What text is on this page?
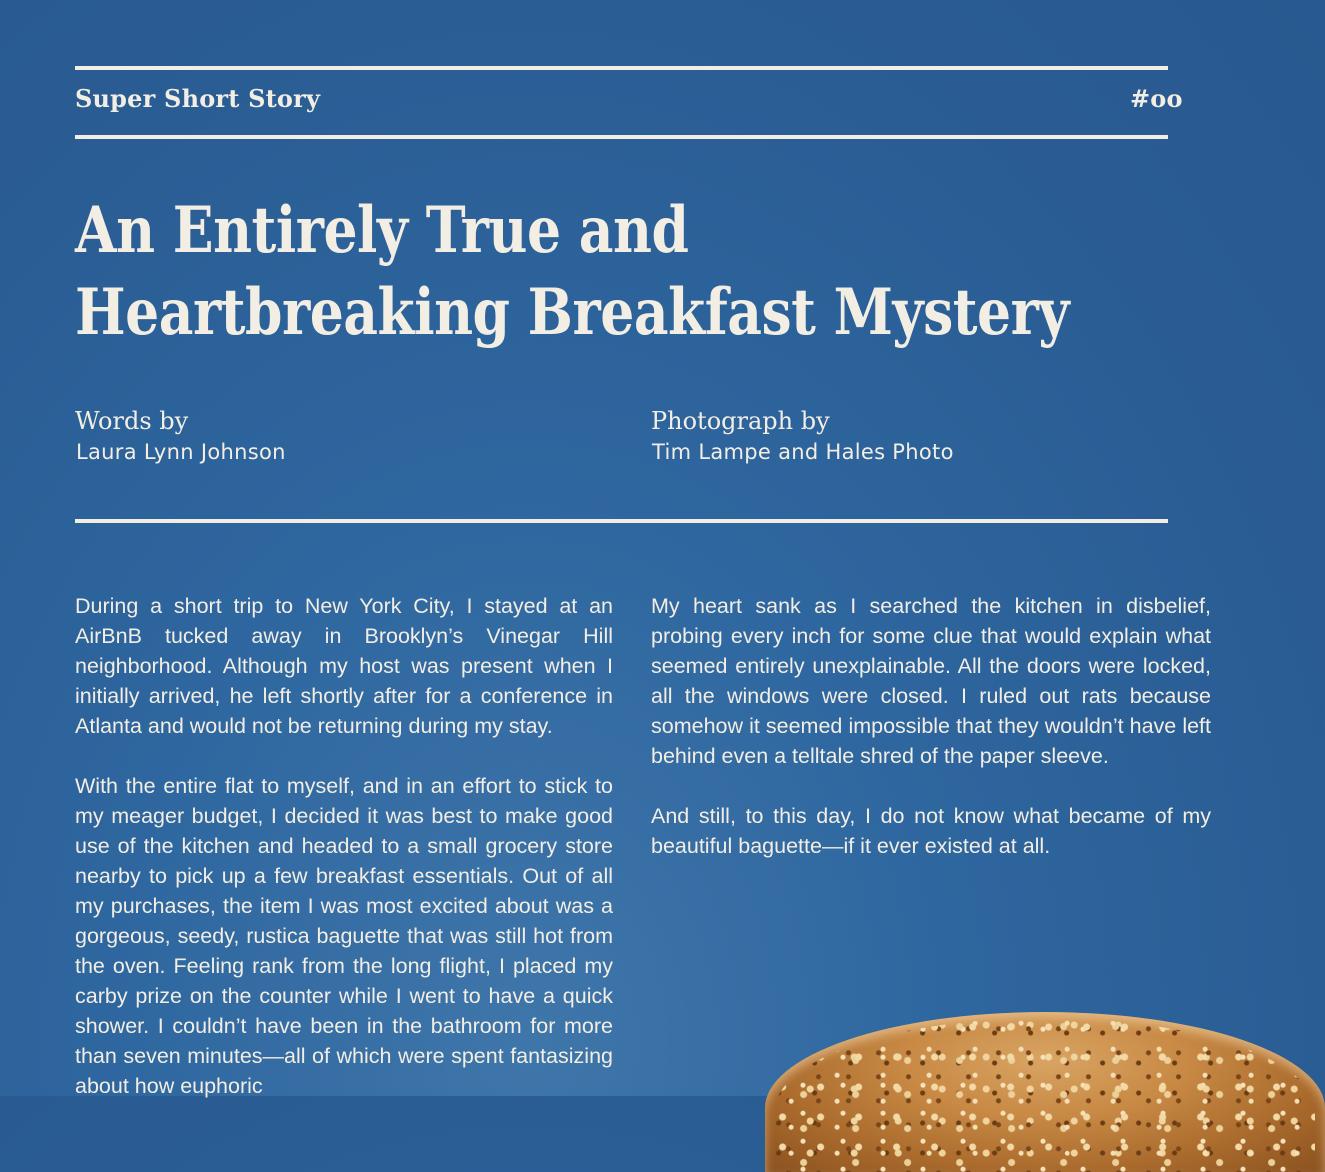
Super Short Story	#oo
An Entirely True and
Heartbreaking Breakfast Mystery
Words by
Laura Lynn Johnson
Photograph by
Tim Lampe and Hales Photo

During a short trip to New York City, I stayed at an AirBnB tucked away in Brooklyn’s Vinegar Hill neighborhood. Although my host was present when I initially arrived, he left shortly after for a conference in Atlanta and would not be returning during my stay.

With the entire flat to myself, and in an effort to stick to my meager budget, I decided it was best to make good use of the kitchen and headed to a small grocery store nearby to pick up a few breakfast essentials. Out of all my purchases, the item I was most excited about was a gorgeous, seedy, rustica baguette that was still hot from the oven. Feeling rank from the long flight, I placed my carby prize on the counter while I went to have a quick shower. I couldn’t have been in the bathroom for more than seven minutes—all of which were spent fantasizing about how euphoric

My heart sank as I searched the kitchen in disbelief, probing every inch for some clue that would explain what seemed entirely unexplainable. All the doors were locked, all the windows were closed. I ruled out rats because somehow it seemed impossible that they wouldn’t have left behind even a telltale shred of the paper sleeve.

And still, to this day, I do not know what became of my beautiful baguette—if it ever existed at all.
